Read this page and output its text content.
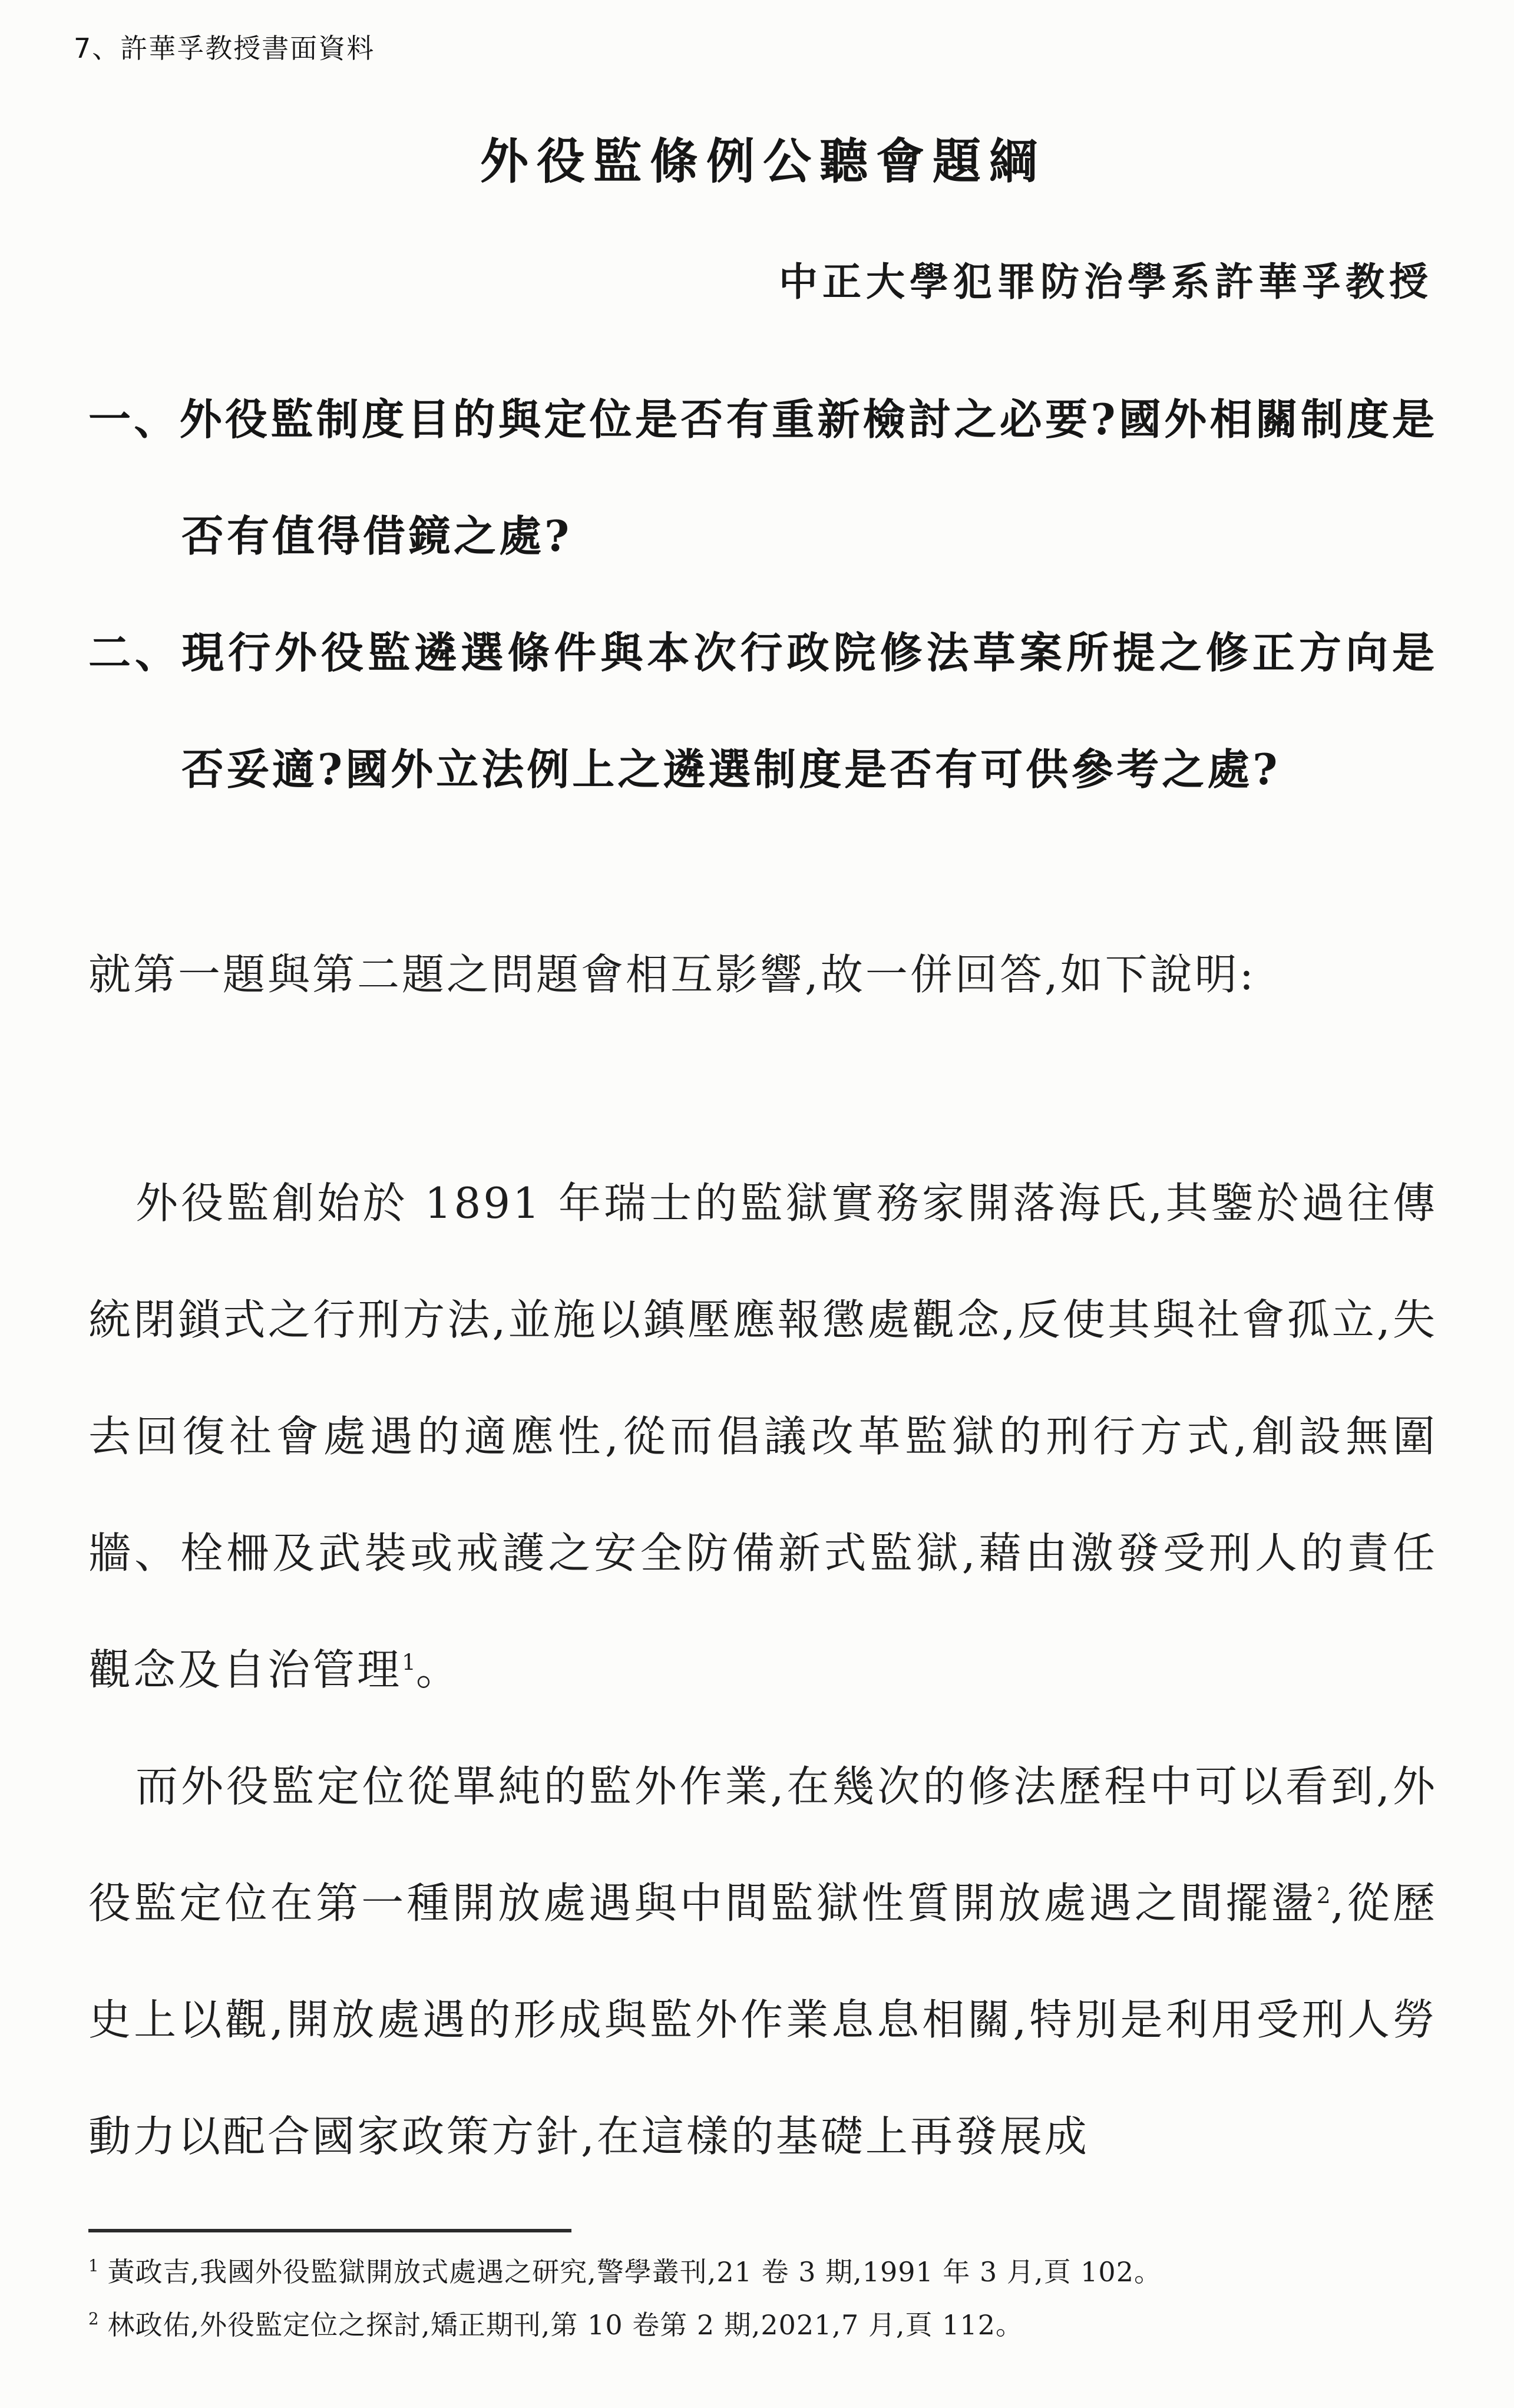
7、許華孚教授書面資料
外役監條例公聽會題綱
中正大學犯罪防治學系許華孚教授
一、外役監制度目的與定位是否有重新檢討之必要?國外相關制度是否有值得借鏡之處?
二、現行外役監遴選條件與本次行政院修法草案所提之修正方向是否妥適?國外立法例上之遴選制度是否有可供參考之處?

就第一題與第二題之問題會相互影響,故一併回答,如下說明:

外役監創始於 1891 年瑞士的監獄實務家開落海氏,其鑒於過往傳統閉鎖式之行刑方法,並施以鎮壓應報懲處觀念,反使其與社會孤立,失去回復社會處遇的適應性,從而倡議改革監獄的刑行方式,創設無圍牆、栓柵及武裝或戒護之安全防備新式監獄,藉由激發受刑人的責任觀念及自治管理$^1$。

而外役監定位從單純的監外作業,在幾次的修法歷程中可以看到,外役監定位在第一種開放處遇與中間監獄性質開放處遇之間擺盪$^2$,從歷史上以觀,開放處遇的形成與監外作業息息相關,特別是利用受刑人勞動力以配合國家政策方針,在這樣的基礎上再發展成

$^1$ 黃政吉,我國外役監獄開放式處遇之研究,警學叢刊,21 卷 3 期,1991 年 3 月,頁 102。
$^2$ 林政佑,外役監定位之探討,矯正期刊,第 10 卷第 2 期,2021,7 月,頁 112。
